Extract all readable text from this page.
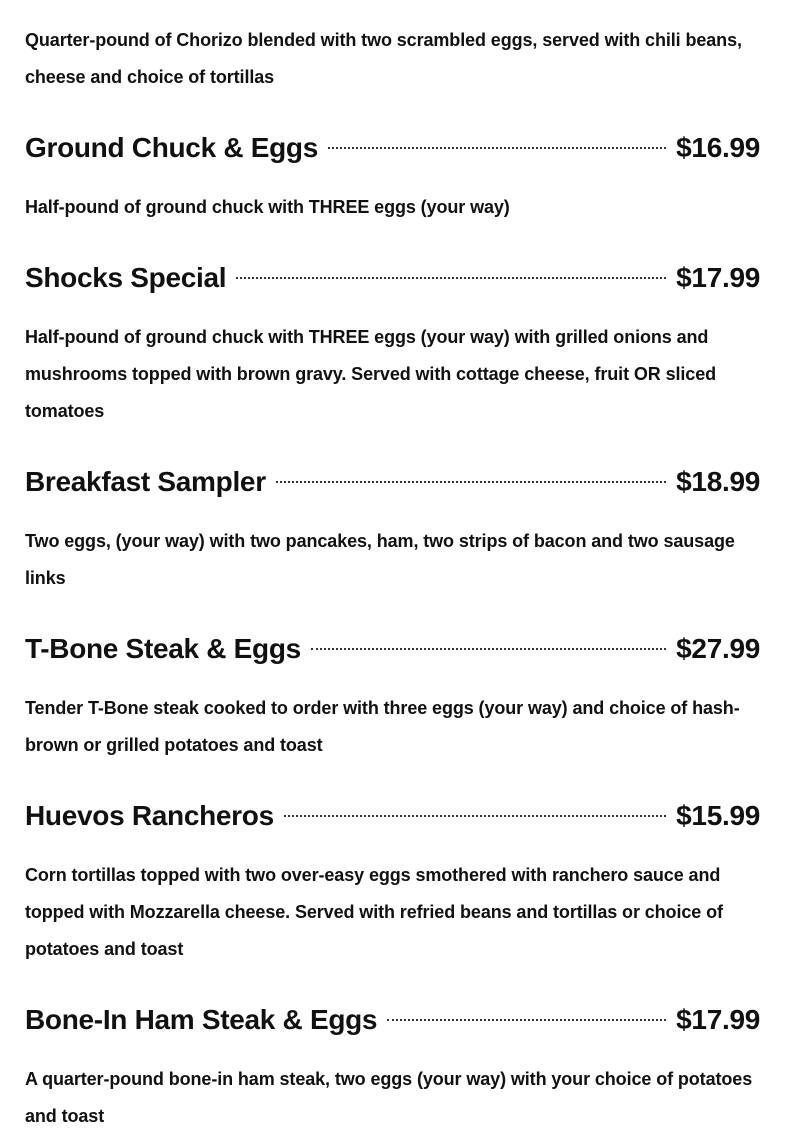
Quarter-pound of Chorizo blended with two scrambled eggs, served with chili beans, cheese and choice of tortillas

Ground Chuck & Eggs	$16.99

Half-pound of ground chuck with THREE eggs (your way)

Shocks Special	$17.99

Half-pound of ground chuck with THREE eggs (your way) with grilled onions and mushrooms topped with brown gravy. Served with cottage cheese, fruit OR sliced tomatoes

Breakfast Sampler	$18.99

Two eggs, (your way) with two pancakes, ham, two strips of bacon and two sausage links

T-Bone Steak & Eggs	$27.99

Tender T-Bone steak cooked to order with three eggs (your way) and choice of hash-brown or grilled potatoes and toast

Huevos Rancheros	$15.99

Corn tortillas topped with two over-easy eggs smothered with ranchero sauce and topped with Mozzarella cheese. Served with refried beans and tortillas or choice of potatoes and toast

Bone-In Ham Steak & Eggs	$17.99

A quarter-pound bone-in ham steak, two eggs (your way) with your choice of potatoes and toast
